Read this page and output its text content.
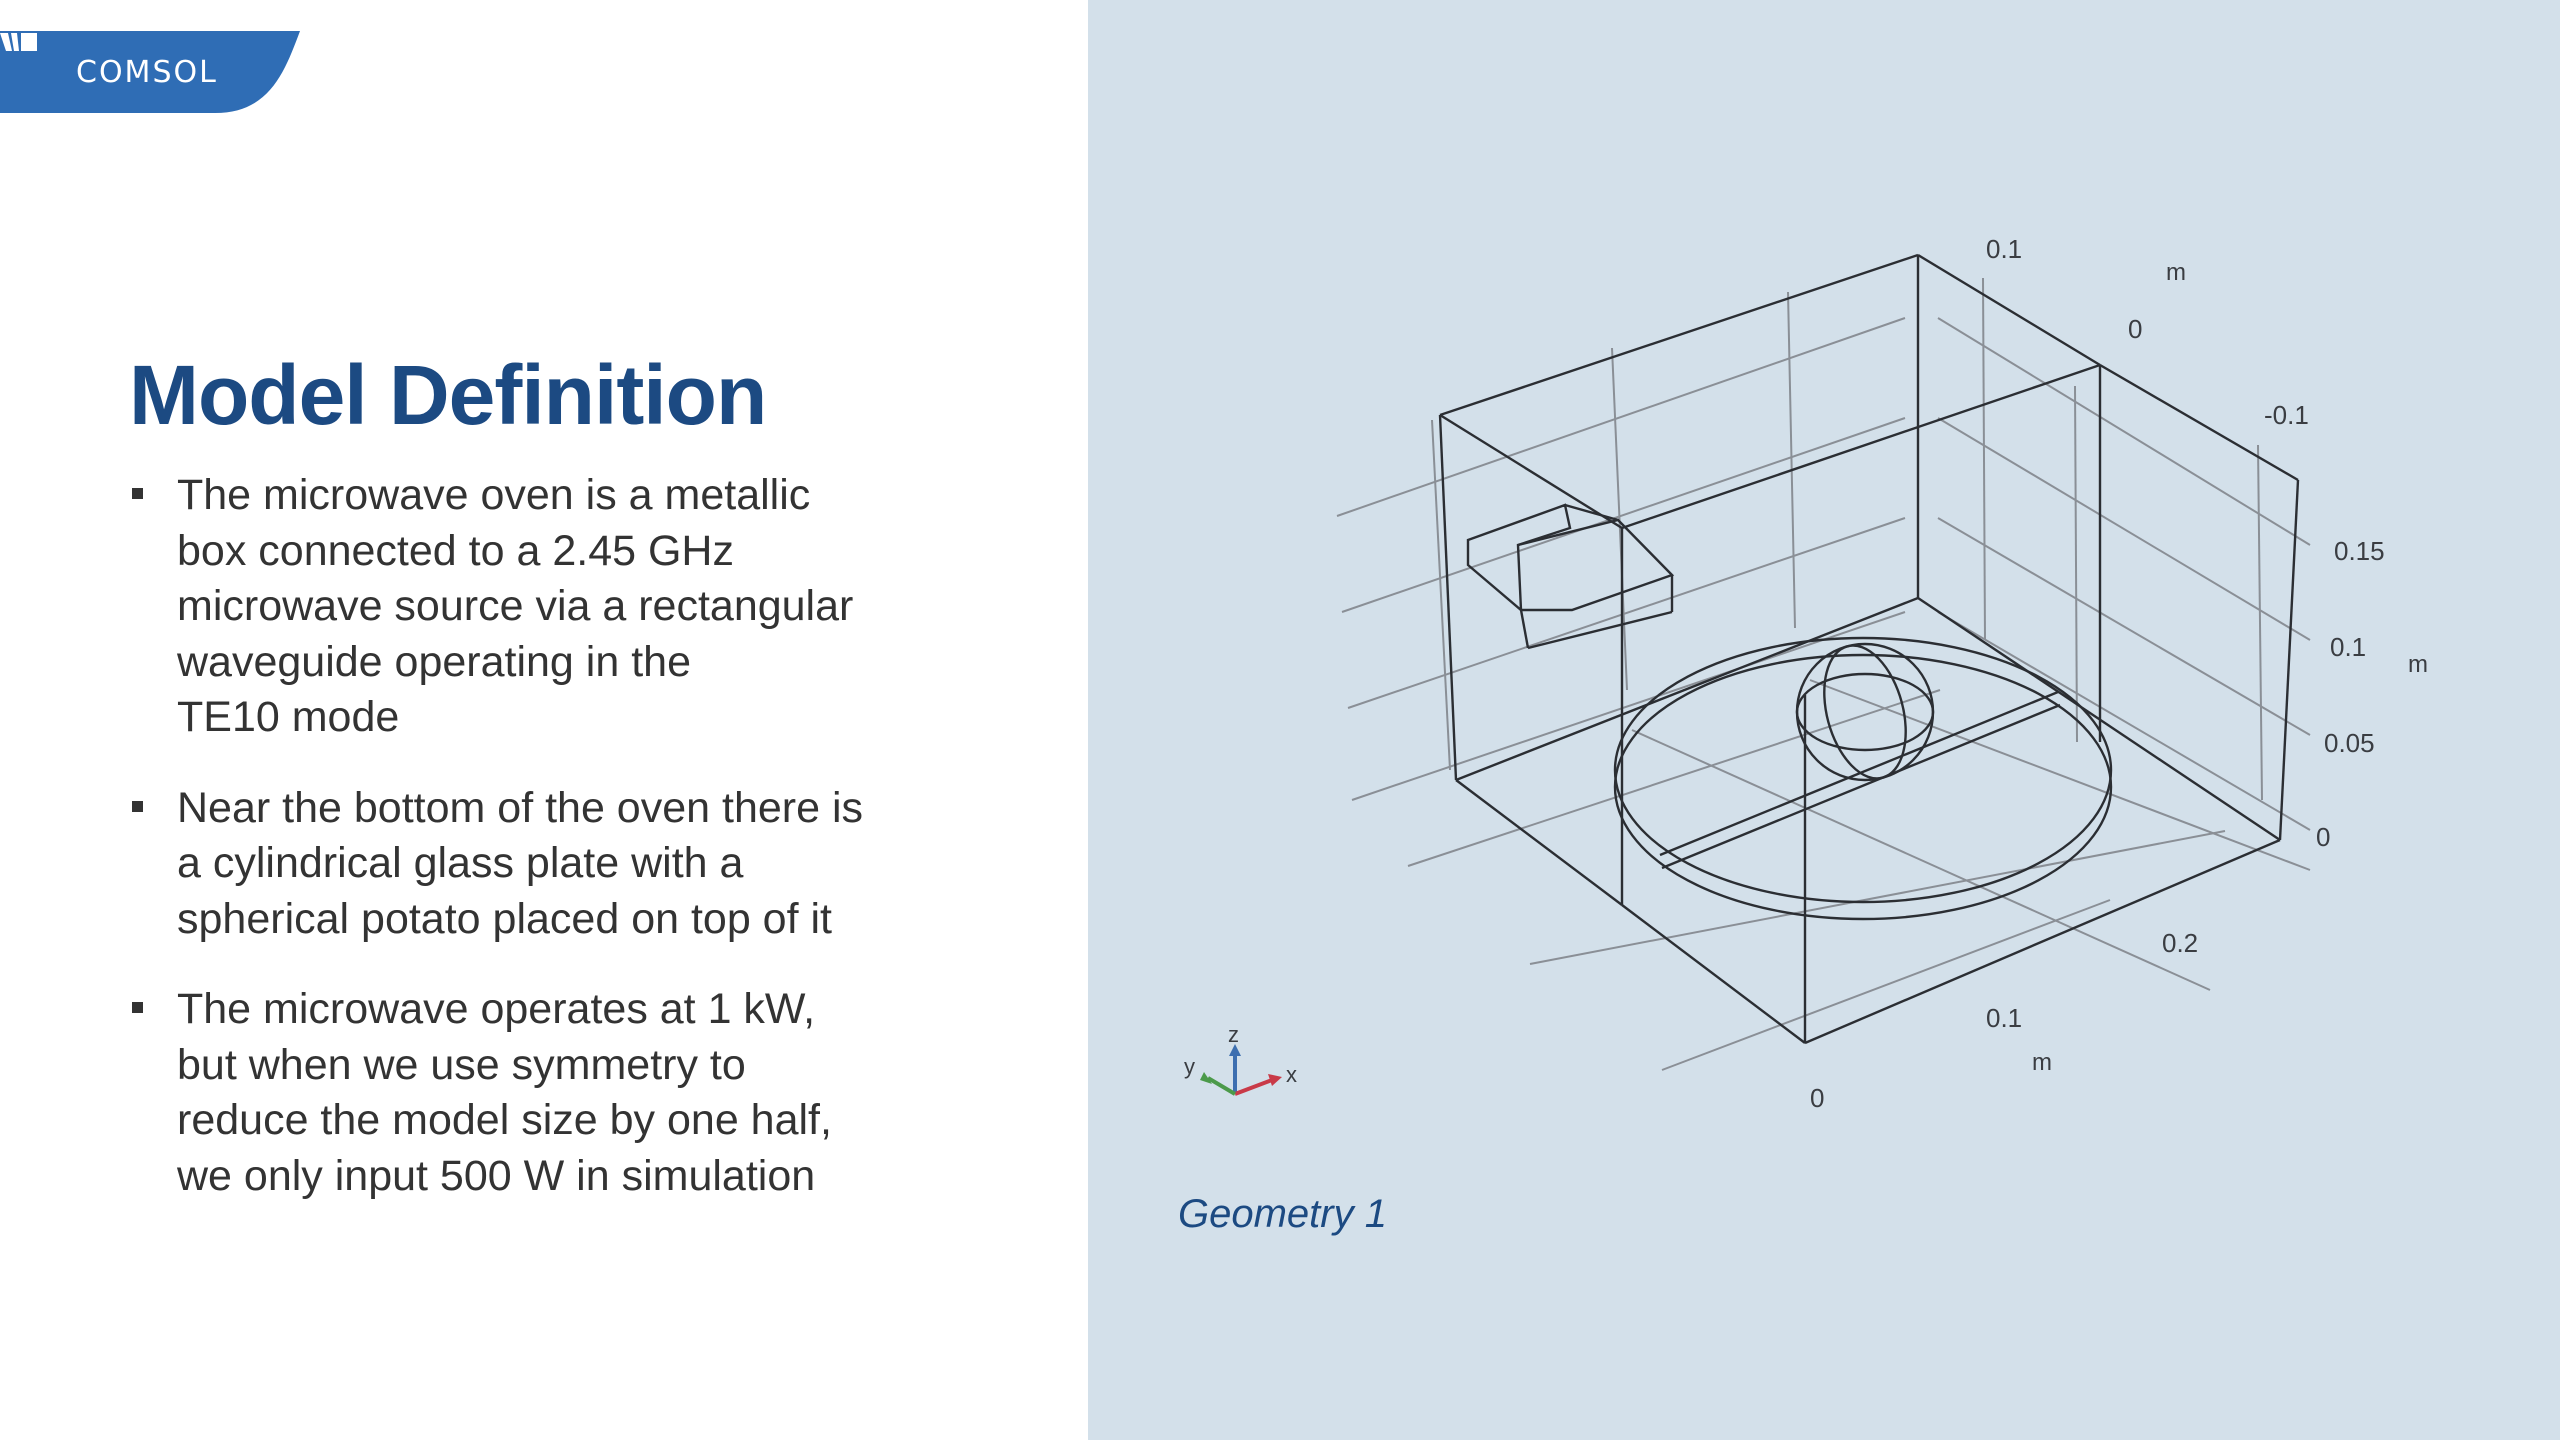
COMSOL
Model Definition
The microwave oven is a metallic
box connected to a 2.45 GHz
microwave source via a rectangular
waveguide operating in the
TE10 mode
Near the bottom of the oven there is
a cylindrical glass plate with a
spherical potato placed on top of it
The microwave operates at 1 kW,
but when we use symmetry to
reduce the model size by one half,
we only input 500 W in simulation
0.1
0
-0.1
m
0.15
0.1
0.05
0
m
0.2
0.1
0
m
z
x
y
Geometry 1
